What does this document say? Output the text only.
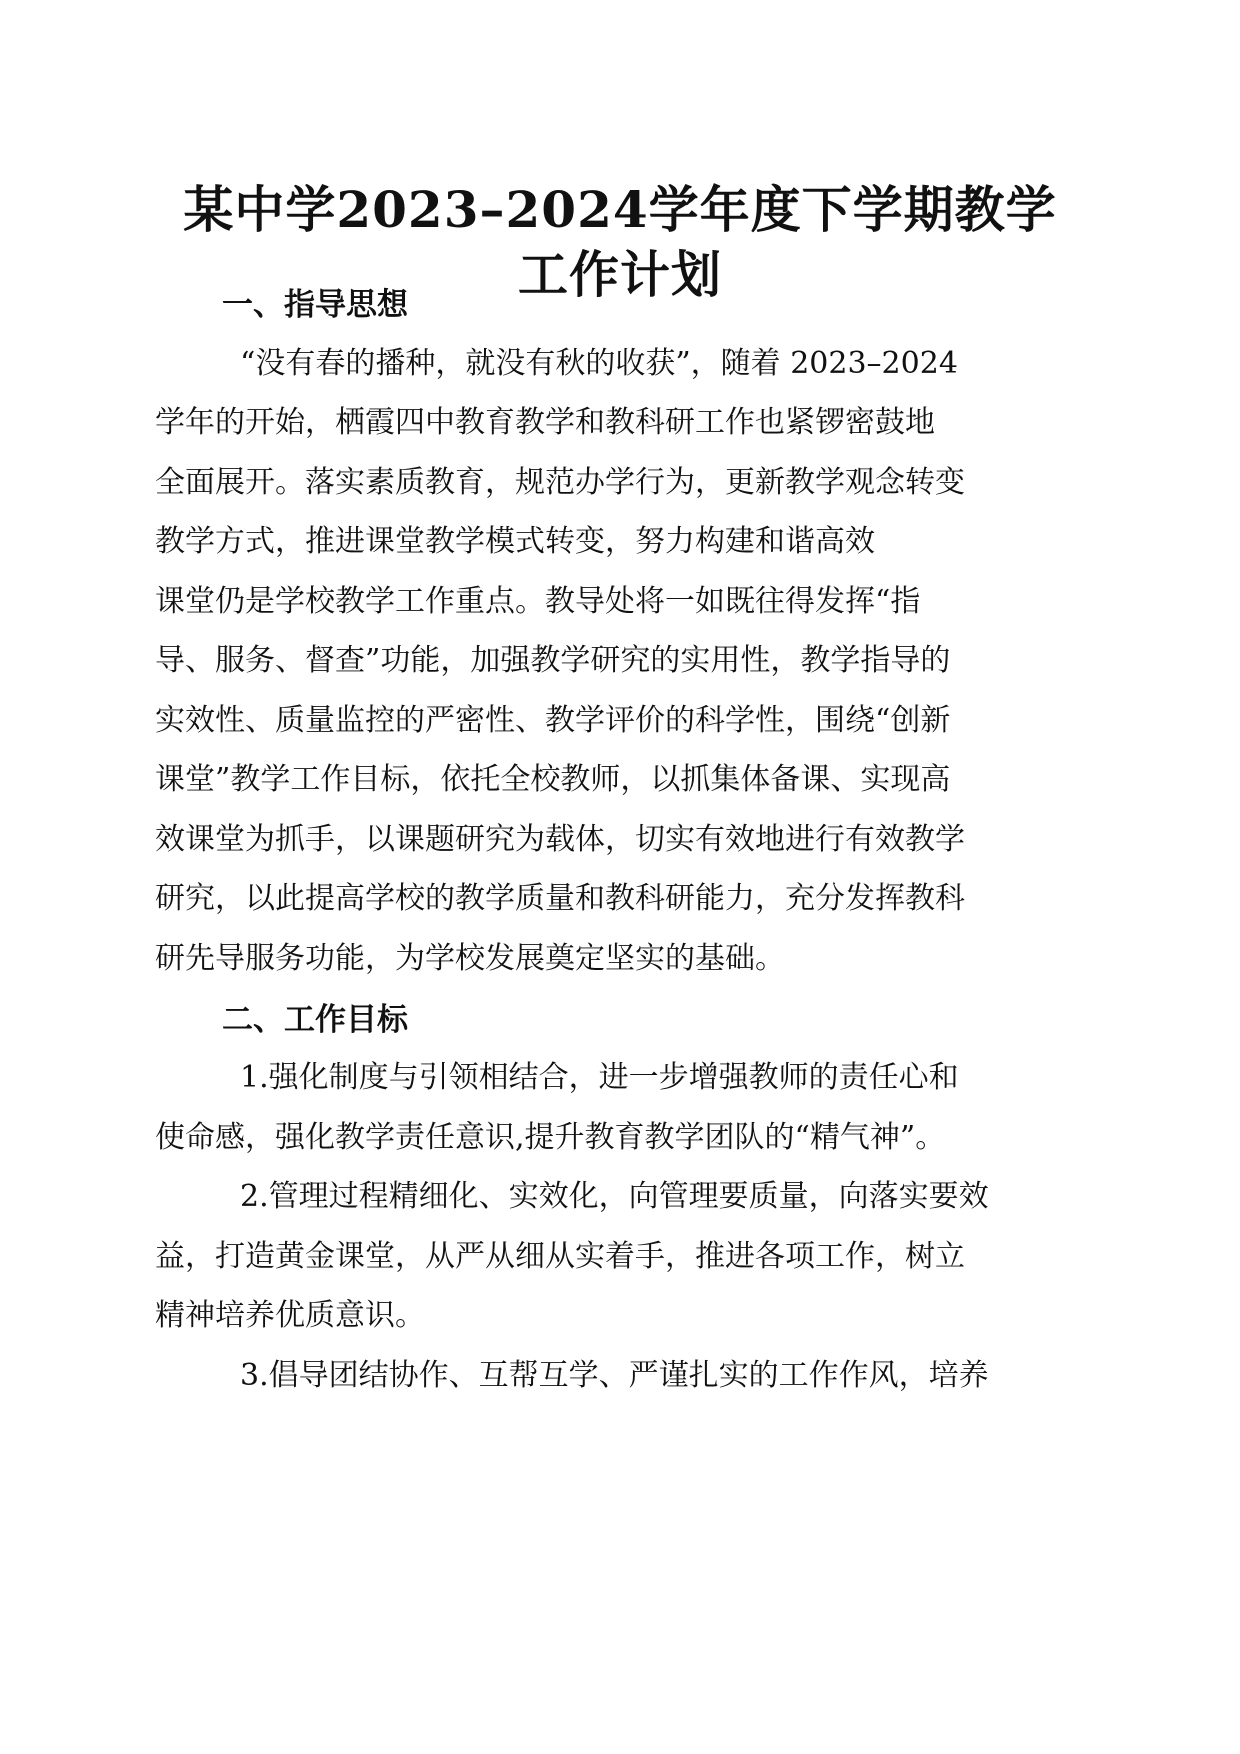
某中学2023–2024学年度下学期教学
工作计划
一、指导思想
“没有春的播种，就没有秋的收获”，随着 2023–2024
学年的开始，栖霞四中教育教学和教科研工作也紧锣密鼓地
全面展开。落实素质教育，规范办学行为，更新教学观念转变
教学方式，推进课堂教学模式转变，努力构建和谐高效
课堂仍是学校教学工作重点。教导处将一如既往得发挥“指
导、服务、督查”功能，加强教学研究的实用性，教学指导的
实效性、质量监控的严密性、教学评价的科学性，围绕“创新
课堂”教学工作目标，依托全校教师，以抓集体备课、实现高
效课堂为抓手，以课题研究为载体，切实有效地进行有效教学
研究，以此提高学校的教学质量和教科研能力，充分发挥教科
研先导服务功能，为学校发展奠定坚实的基础。
二、工作目标
1.强化制度与引领相结合，进一步增强教师的责任心和
使命感，强化教学责任意识,提升教育教学团队的“精气神”。
2.管理过程精细化、实效化，向管理要质量，向落实要效
益，打造黄金课堂，从严从细从实着手，推进各项工作，树立
精神培养优质意识。
3.倡导团结协作、互帮互学、严谨扎实的工作作风，培养
